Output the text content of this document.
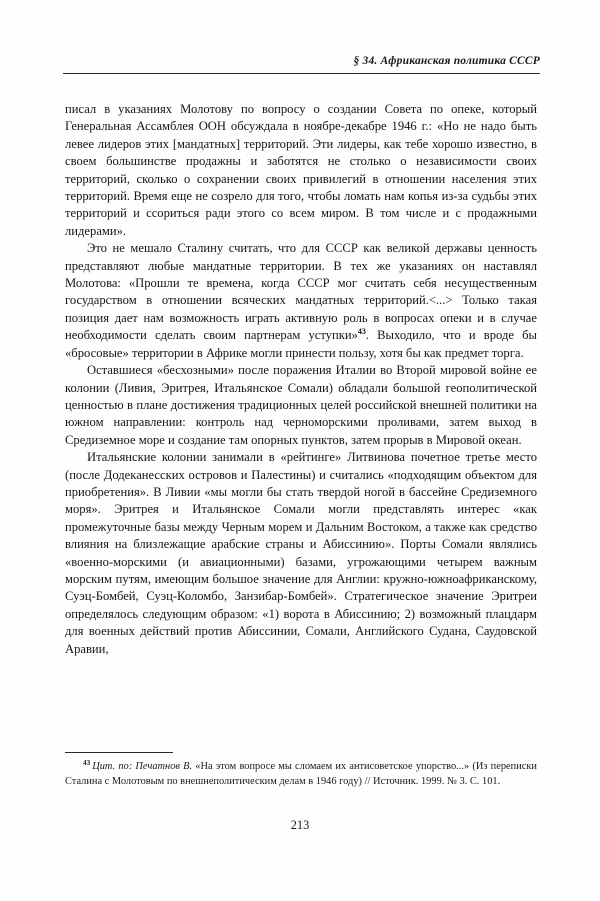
§ 34. Африканская политика СССР

писал в указаниях Молотову по вопросу о создании Совета по опеке, который Генеральная Ассамблея ООН обсуждала в ноябре-декабре 1946 г.: «Но не надо быть левее лидеров этих [мандатных] территорий. Эти лидеры, как тебе хорошо известно, в своем большинстве продажны и заботятся не столько о независимости своих территорий, сколько о сохранении своих привилегий в отношении населения этих территорий. Время еще не созрело для того, чтобы ломать нам копья из-за судьбы этих территорий и ссориться ради этого со всем миром. В том числе и с продажными лидерами».

Это не мешало Сталину считать, что для СССР как великой державы ценность представляют любые мандатные территории. В тех же указаниях он наставлял Молотова: «Прошли те времена, когда СССР мог считать себя несущественным государством в отношении всяческих мандатных территорий.<...> Только такая позиция дает нам возможность играть активную роль в вопросах опеки и в случае необходимости сделать своим партнерам уступки»$^{43}$. Выходило, что и вроде бы «бросовые» территории в Африке могли принести пользу, хотя бы как предмет торга.

Оставшиеся «бесхозными» после поражения Италии во Второй мировой войне ее колонии (Ливия, Эритрея, Итальянское Сомали) обладали большой геополитической ценностью в плане достижения традиционных целей российской внешней политики на южном направлении: контроль над черноморскими проливами, затем выход в Средиземное море и создание там опорных пунктов, затем прорыв в Мировой океан.

Итальянские колонии занимали в «рейтинге» Литвинова почетное третье место (после Додеканесских островов и Палестины) и считались «подходящим объектом для приобретения». В Ливии «мы могли бы стать твердой ногой в бассейне Средиземного моря». Эритрея и Итальянское Сомали могли представлять интерес «как промежуточные базы между Черным морем и Дальним Востоком, а также как средство влияния на близлежащие арабские страны и Абиссинию». Порты Сомали являлись «военно-морскими (и авиационными) базами, угрожающими четырем важным морским путям, имеющим большое значение для Англии: кружно-южноафриканскому, Суэц-Бомбей, Суэц-Коломбо, Занзибар-Бомбей». Стратегическое значение Эритреи определялось следующим образом: «1) ворота в Абиссинию; 2) возможный плацдарм для военных действий против Абиссинии, Сомали, Английского Судана, Саудовской Аравии,

$^{43}$ Цит. по: Печатнов В. «На этом вопросе мы сломаем их антисоветское упорство...» (Из переписки Сталина с Молотовым по внешнеполитическим делам в 1946 году) // Источник. 1999. № 3. С. 101.

213
